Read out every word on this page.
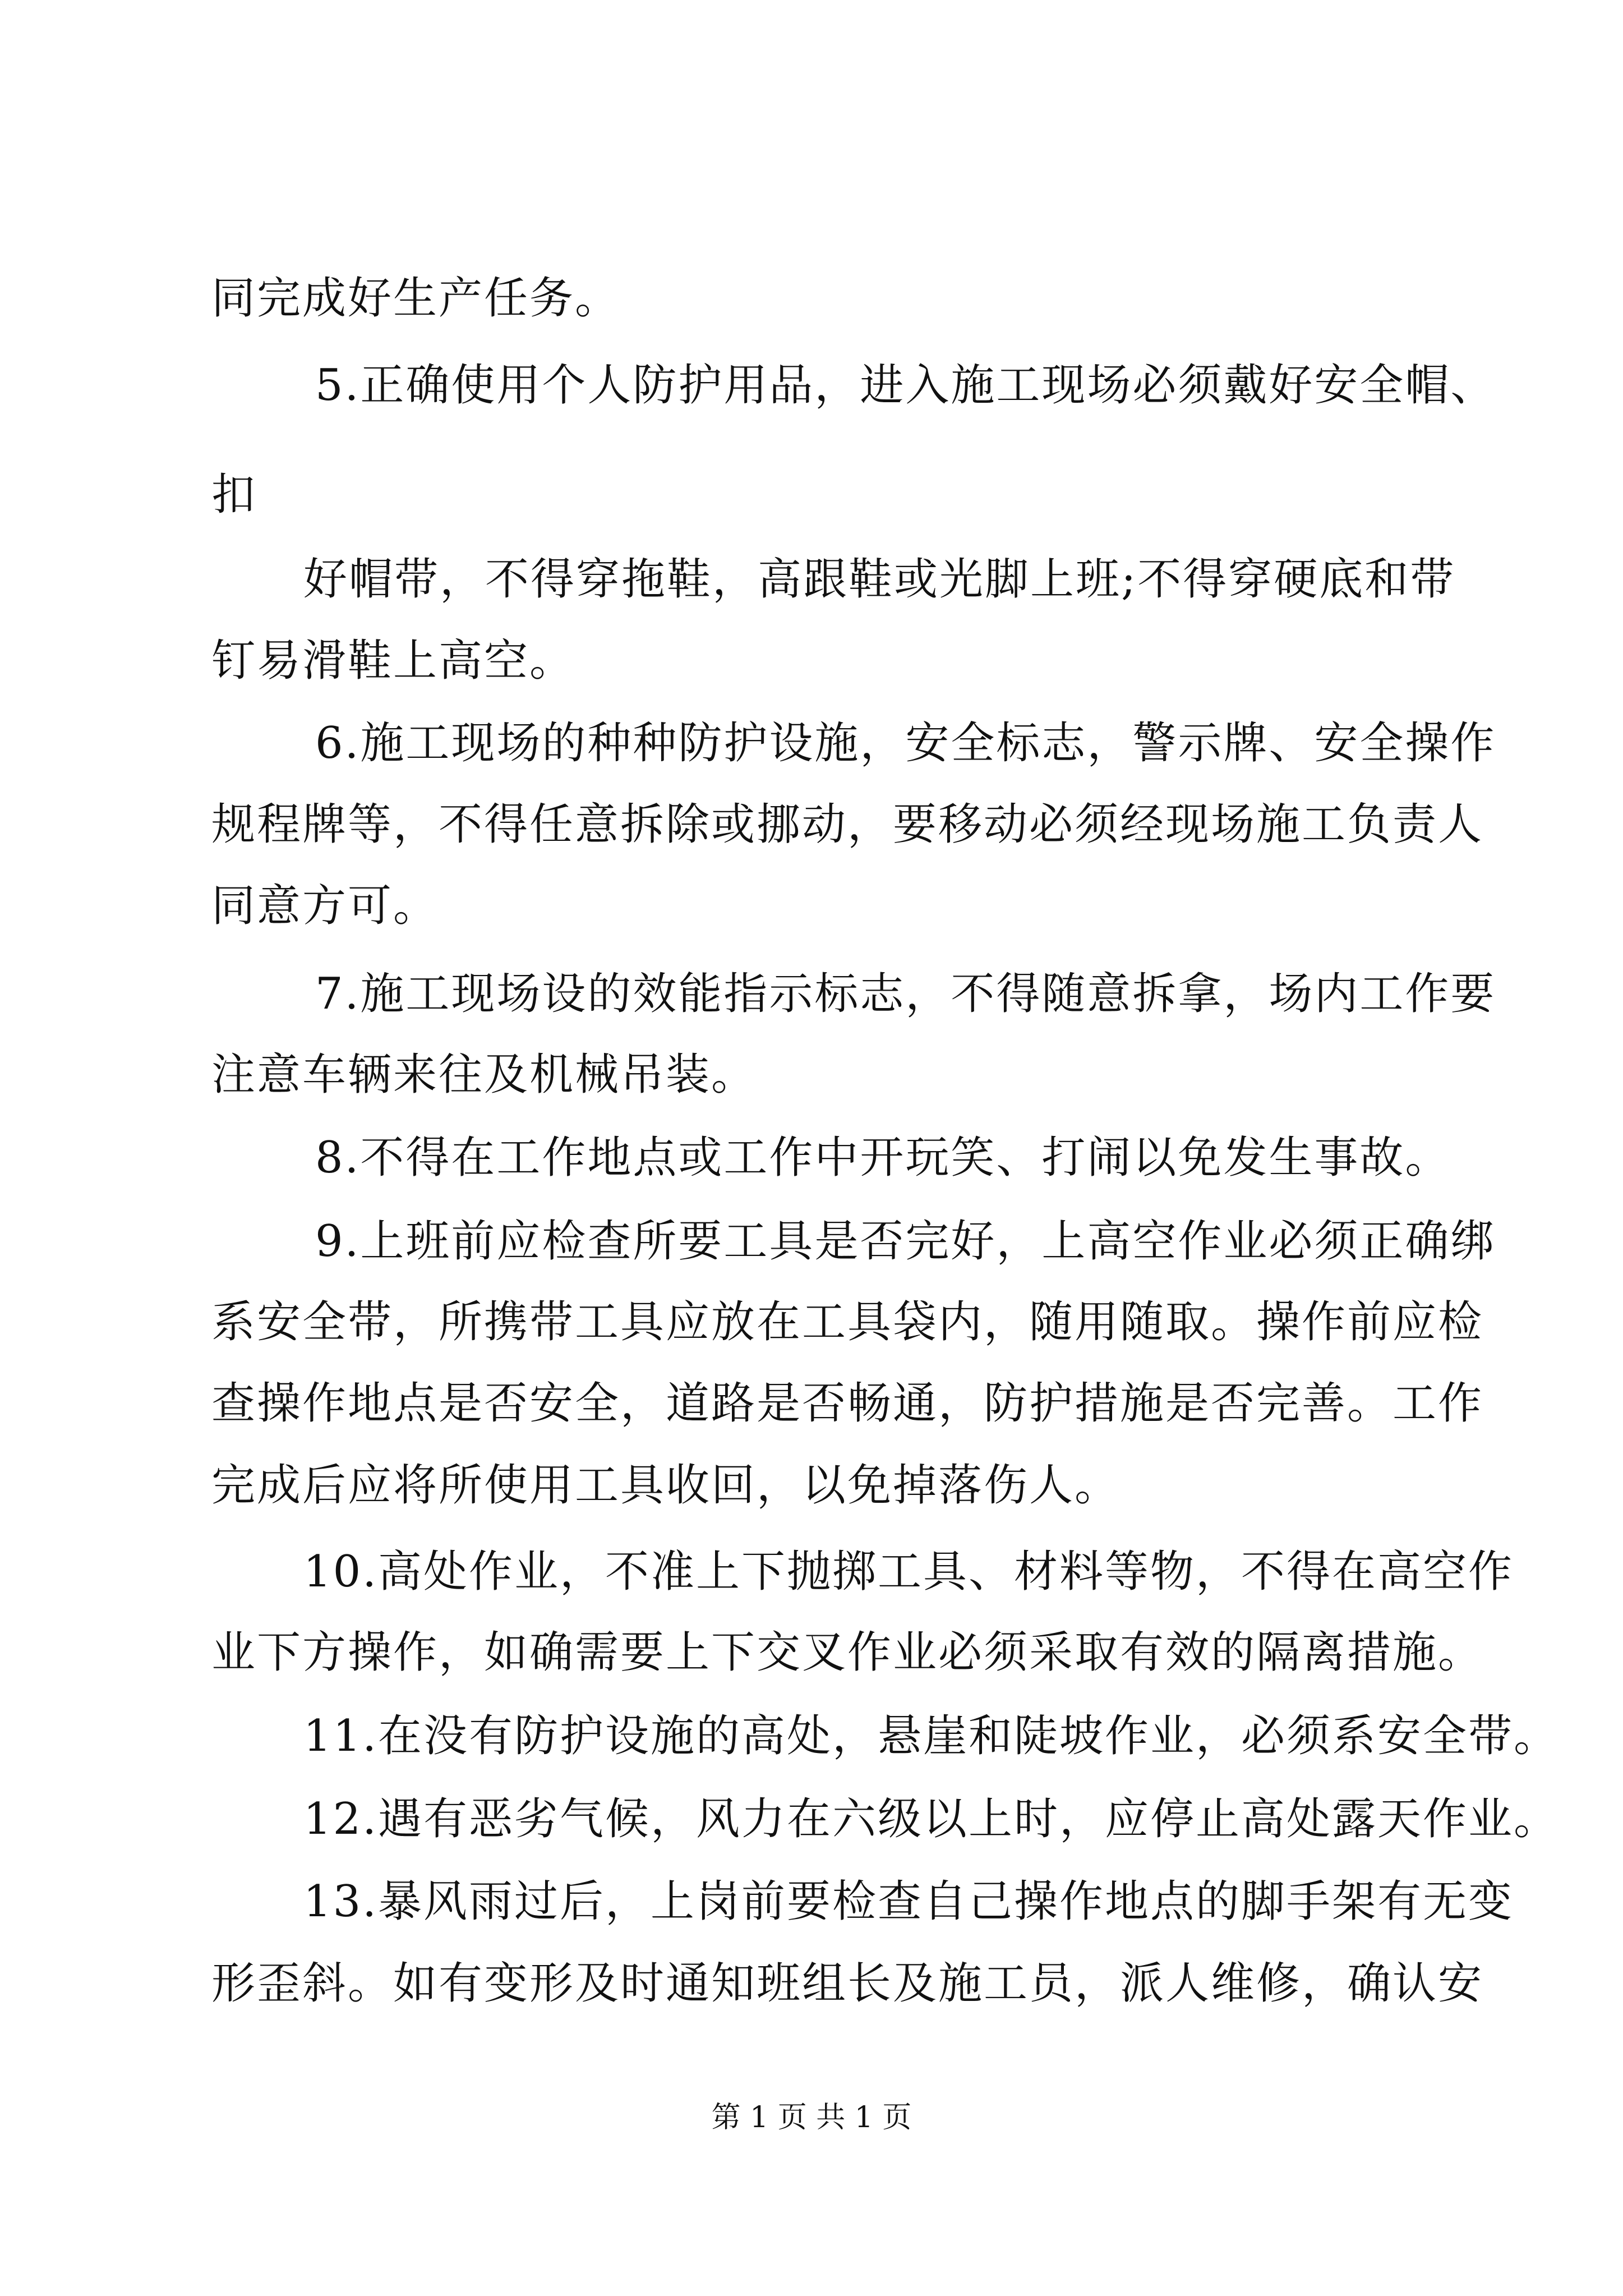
同完成好生产任务。
5.正确使用个人防护用品，进入施工现场必须戴好安全帽、
扣
好帽带，不得穿拖鞋，高跟鞋或光脚上班;不得穿硬底和带
钉易滑鞋上高空。
6.施工现场的种种防护设施，安全标志，警示牌、安全操作
规程牌等，不得任意拆除或挪动，要移动必须经现场施工负责人
同意方可。
7.施工现场设的效能指示标志，不得随意拆拿，场内工作要
注意车辆来往及机械吊装。
8.不得在工作地点或工作中开玩笑、打闹以免发生事故。
9.上班前应检查所要工具是否完好，上高空作业必须正确绑
系安全带，所携带工具应放在工具袋内，随用随取。操作前应检
查操作地点是否安全，道路是否畅通，防护措施是否完善。工作
完成后应将所使用工具收回，以免掉落伤人。
10.高处作业，不准上下抛掷工具、材料等物，不得在高空作
业下方操作，如确需要上下交叉作业必须采取有效的隔离措施。
11.在没有防护设施的高处，悬崖和陡坡作业，必须系安全带。
12.遇有恶劣气候，风力在六级以上时，应停止高处露天作业。
13.暴风雨过后，上岗前要检查自己操作地点的脚手架有无变
形歪斜。如有变形及时通知班组长及施工员，派人维修，确认安
第 1 页 共 1 页
